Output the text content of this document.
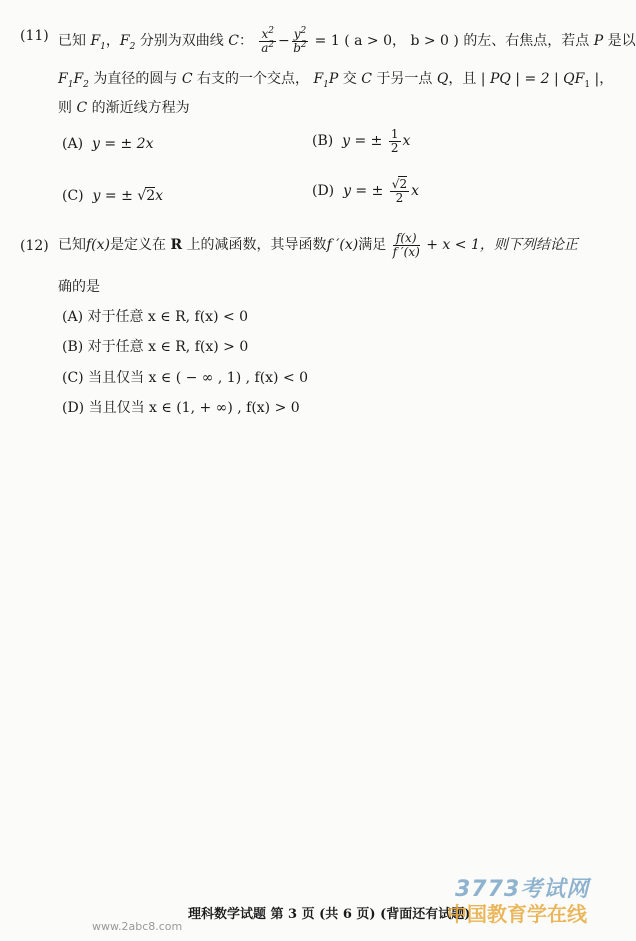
(11) 已知 $F_1$，$F_2$ 分别为双曲线 C： $\frac{x^2}{a^2} - \frac{y^2}{b^2} = 1$ ( a > 0， b > 0 ) 的左、右焦点，若点 P 是以
$F_1F_2$ 为直径的圆与 C 右支的一个交点， $F_1P$ 交 C 于另一点 Q，且 | PQ | = 2 | $QF_1$ |，
则 C 的渐近线方程为
(A) y = ± 2x	(B) y = ± $\frac{1}{2}$ x
(C) y = ± √2x	(D) y = ± $\frac{√2}{2}$ x
(12) 已知f(x)是定义在 R 上的减函数，其导函数f ′(x)满足 $\frac{f(x)}{f '(x)} + x < 1$，则下列结论正
确的是
(A) 对于任意 x ∈ R, f(x) < 0
(B) 对于任意 x ∈ R, f(x) > 0
(C) 当且仅当 x ∈ ( − ∞ , 1) , f(x) < 0
(D) 当且仅当 x ∈ (1, + ∞) , f(x) > 0
理科数学试题 第 3 页 (共 6 页) (背面还有试题)
www.2abc8.com
3773考试网
中国教育学在线
